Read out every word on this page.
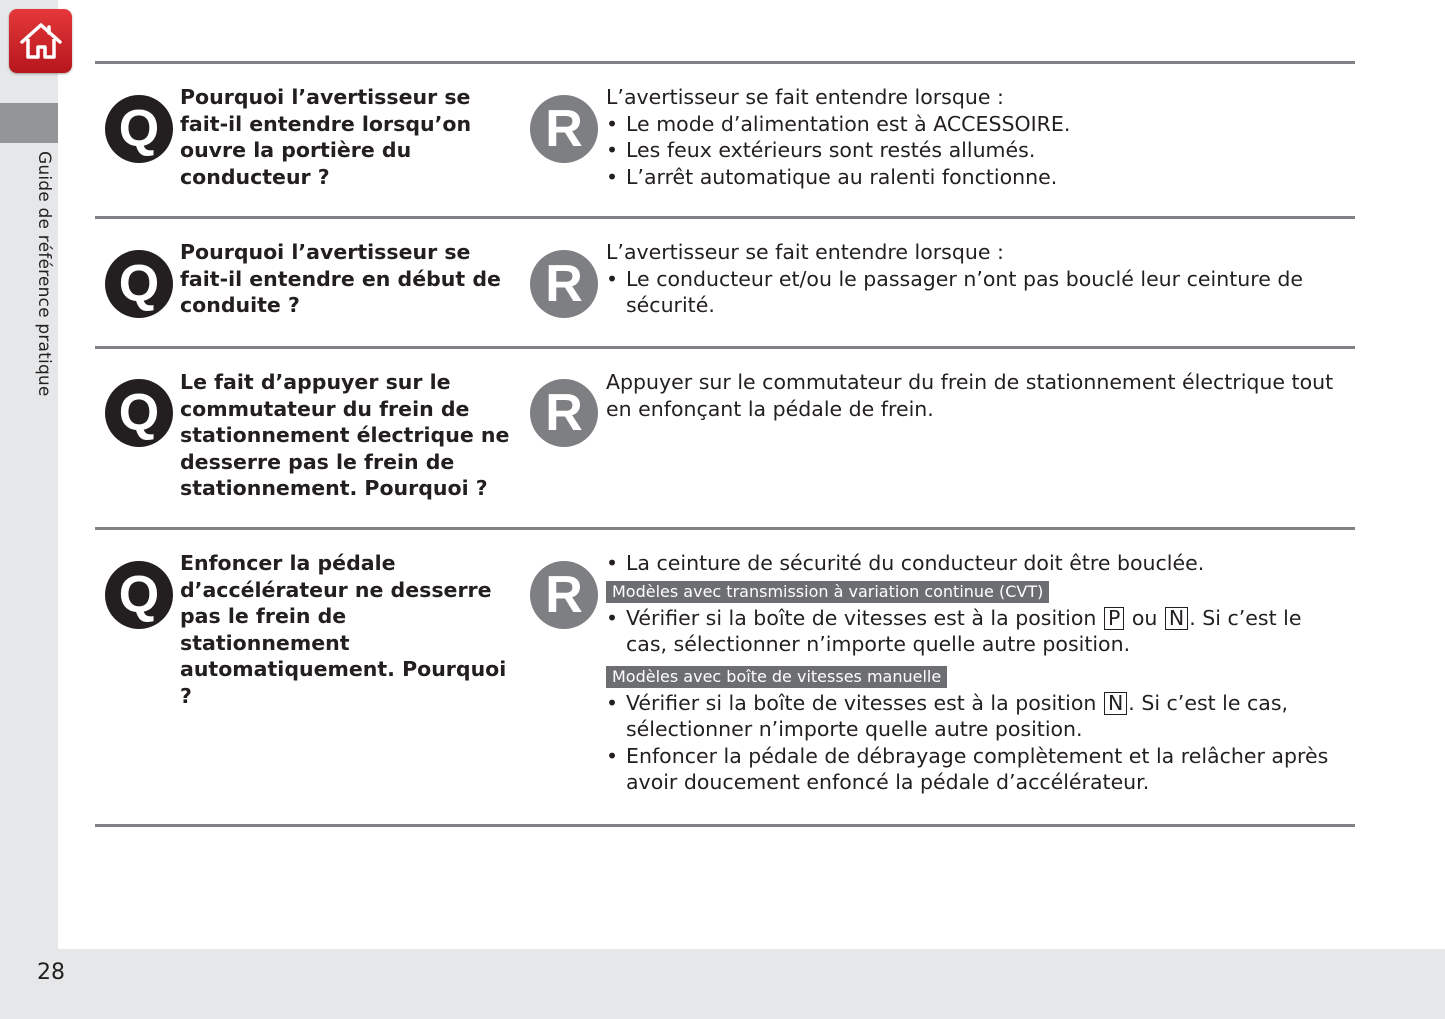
Guide de référence pratique
28
Q

Pourquoi l’avertisseur se fait-il entendre lorsqu’on ouvre la portière du conducteur ?

R

L’avertisseur se fait entendre lorsque :

• Le mode d’alimentation est à ACCESSOIRE.
• Les feux extérieurs sont restés allumés.
• L’arrêt automatique au ralenti fonctionne.
Q

Pourquoi l’avertisseur se fait-il entendre en début de conduite ?	R

L’avertisseur se fait entendre lorsque :

• Le conducteur et/ou le passager n’ont pas bouclé leur ceinture de sécurité.
Q

Le fait d’appuyer sur le commutateur du frein de stationnement électrique ne desserre pas le frein de stationnement. Pourquoi ?

R

Appuyer sur le commutateur du frein de stationnement électrique tout en enfonçant la pédale de frein.

Q

Enfoncer la pédale d’accélérateur ne desserre pas le frein de stationnement automatiquement. Pourquoi ?

R
• La ceinture de sécurité du conducteur doit être bouclée.
Modèles avec transmission à variation continue (CVT)
• Vérifier si la boîte de vitesses est à la position P ou N . Si c’est le cas, sélectionner n’importe quelle autre position.
Modèles avec boîte de vitesses manuelle
• Vérifier si la boîte de vitesses est à la position N . Si c’est le cas, sélectionner n’importe quelle autre position.
• Enfoncer la pédale de débrayage complètement et la relâcher après avoir doucement enfoncé la pédale d’accélérateur.
